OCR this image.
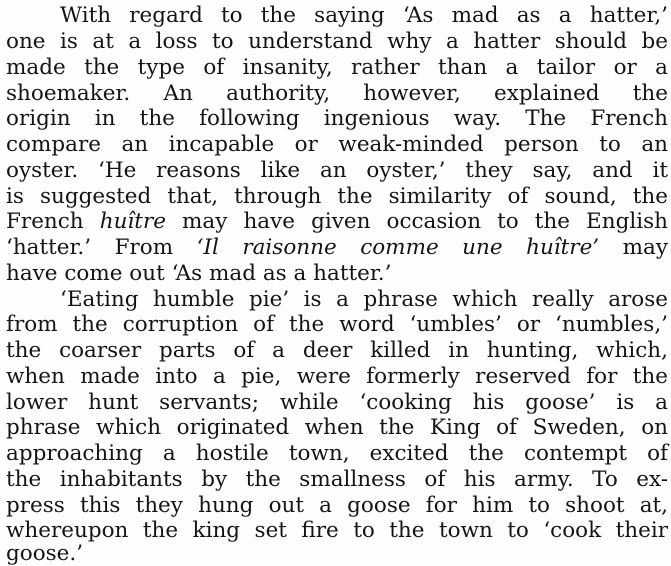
With regard to the saying ‘As mad as a hatter,’
one is at a loss to understand why a hatter should be
made the type of insanity, rather than a tailor or a
shoemaker. An authority, however, explained the
origin in the following ingenious way. The French
compare an incapable or weak-minded person to an
oyster. ‘He reasons like an oyster,’ they say, and it
is suggested that, through the similarity of sound, the
French huître may have given occasion to the English
‘hatter.’ From ‘Il raisonne comme une huître’ may
have come out ‘As mad as a hatter.’
‘Eating humble pie’ is a phrase which really arose
from the corruption of the word ‘umbles’ or ‘numbles,’
the coarser parts of a deer killed in hunting, which,
when made into a pie, were formerly reserved for the
lower hunt servants; while ‘cooking his goose’ is a
phrase which originated when the King of Sweden, on
approaching a hostile town, excited the contempt of
the inhabitants by the smallness of his army. To ex-
press this they hung out a goose for him to shoot at,
whereupon the king set fire to the town to ‘cook their
goose.’
